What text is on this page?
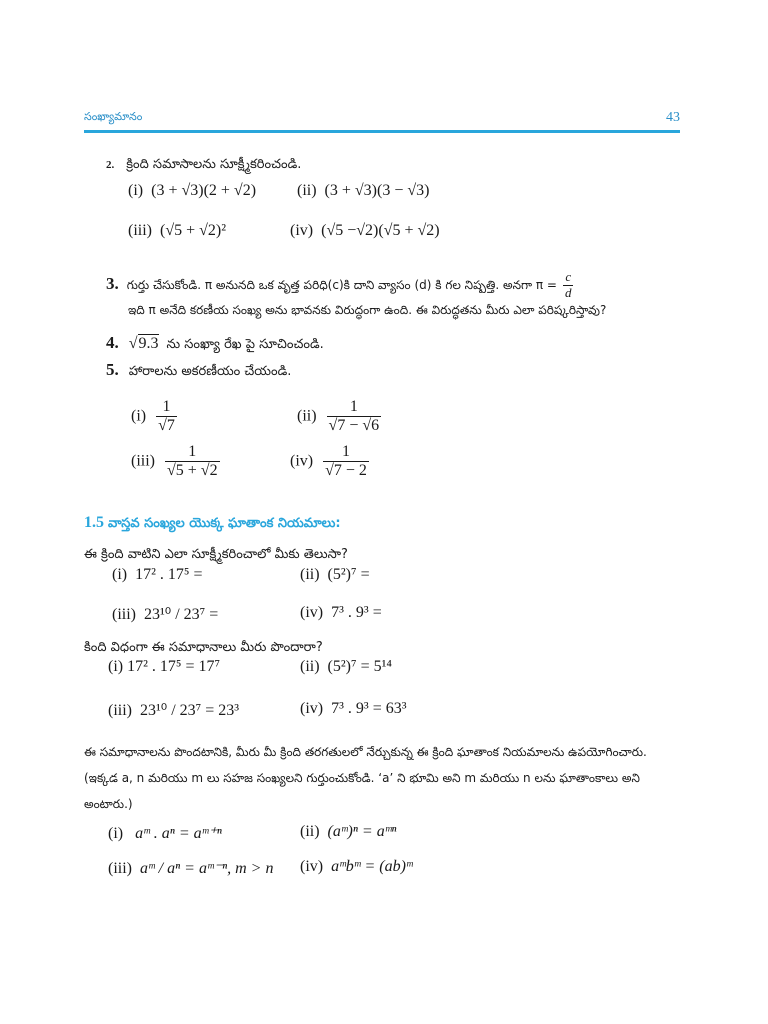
సంఖ్యామానం	43
2. క్రింది సమాసాలను సూక్ష్మీకరించండి.
(i) (3 + √3)(2 + √2)	(ii) (3 + √3)(3 − √3)
(iii) (√5 + √2)²	(iv) (√5 −√2)(√5 + √2)
3. గుర్తు చేసుకోండి. π అనునది ఒక వృత్త పరిధి(c)కి దాని వ్యాసం (d) కి గల నిష్పత్తి. అనగా $\pi = \frac{c}{d}$
ఇది π అనేది కరణీయ సంఖ్య అను భావనకు విరుద్ధంగా ఉంది. ఈ విరుద్ధతను మీరు ఎలా పరిష్కరిస్తావు?
4. √9.3 ను సంఖ్యా రేఖ పై సూచించండి.
5. హారాలను అకరణీయం చేయండి.
$(i) \frac{1}{√7}$	$(ii) \frac{1}{√7 - √6}$
$(iii) \frac{1}{√5 + √2}$	$(iv) \frac{1}{√7 - 2}$
1.5 వాస్తవ సంఖ్యల యొక్క ఘాతాంక నియమాలు:
ఈ క్రింది వాటిని ఎలా సూక్ష్మీకరించాలో మీకు తెలుసా?
(i) 17² . 17⁵ =	(ii) (5²)⁷ =
(iii) 23¹⁰ / 23⁷ =	(iv) 7³ . 9³ =
కింది విధంగా ఈ సమాధానాలు మీరు పొందారా?
(i) 17² . 17⁵ = 17⁷	(ii) (5²)⁷ = 5¹⁴
(iii) 23¹⁰ / 23⁷ = 23³	(iv) 7³ . 9³ = 63³
ఈ సమాధానాలను పొందటానికి, మీరు మీ క్రింది తరగతులలో నేర్చుకున్న ఈ క్రింది ఘాతాంక నియమాలను ఉపయోగించారు.
(ఇక్కడ a, n మరియు m లు సహజ సంఖ్యలని గుర్తుంచుకోండి. ‘a’ ని భూమి అని m మరియు n లను ఘాతాంకాలు అని
అంటారు.)
(i) aᵐ . aⁿ = aᵐ⁺ⁿ	(ii) (aᵐ)ⁿ = aᵐⁿ
(iii) aᵐ / aⁿ = aᵐ⁻ⁿ, m > n (iv) aᵐbᵐ = (ab)ᵐ
